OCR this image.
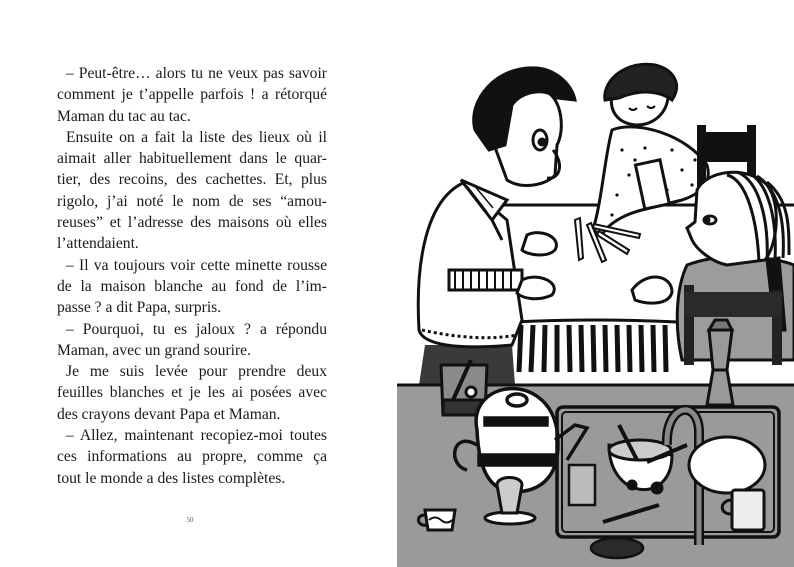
– Peut-être… alors tu ne veux pas savoir
comment je t’appelle parfois ! a rétorqué
Maman du tac au tac.
Ensuite on a fait la liste des lieux où il
aimait aller habituellement dans le quar-
tier, des recoins, des cachettes. Et, plus
rigolo, j’ai noté le nom de ses “amou-
reuses” et l’adresse des maisons où elles
l’attendaient.
– Il va toujours voir cette minette rousse
de la maison blanche au fond de l’im-
passe ? a dit Papa, surpris.
– Pourquoi, tu es jaloux ? a répondu
Maman, avec un grand sourire.
Je me suis levée pour prendre deux
feuilles blanches et je les ai posées avec
des crayons devant Papa et Maman.
– Allez, maintenant recopiez-moi toutes
ces informations au propre, comme ça
tout le monde a des listes complètes.
50
